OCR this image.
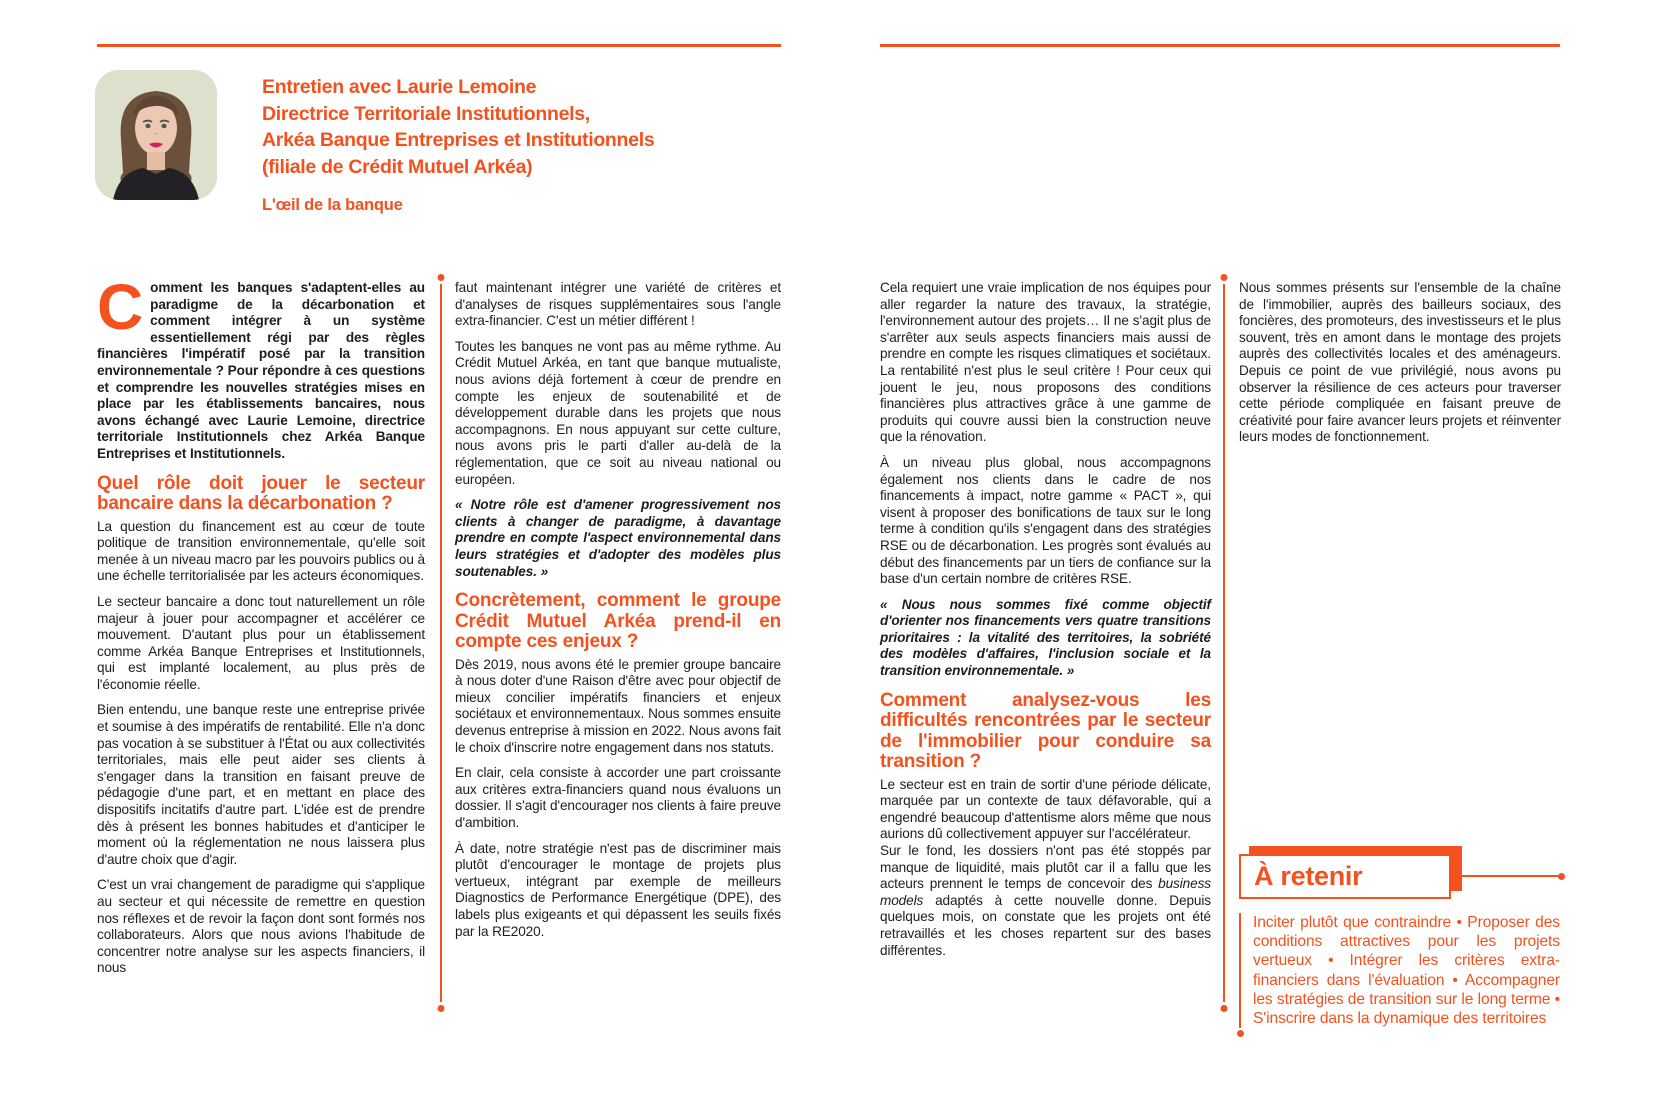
Entretien avec Laurie Lemoine
Directrice Territoriale Institutionnels,
Arkéa Banque Entreprises et Institutionnels
(filiale de Crédit Mutuel Arkéa)
L'œil de la banque

Comment les banques s'adaptent-elles au paradigme de la décarbonation et comment intégrer à un système essentiellement régi par des règles financières l'impératif posé par la transition environnementale ? Pour répondre à ces questions et comprendre les nouvelles stratégies mises en place par les établissements bancaires, nous avons échangé avec Laurie Lemoine, directrice territoriale Institutionnels chez Arkéa Banque Entreprises et Institutionnels.

Quel rôle doit jouer le secteur bancaire dans la décarbonation ?

La question du financement est au cœur de toute politique de transition environnementale, qu'elle soit menée à un niveau macro par les pouvoirs publics ou à une échelle territorialisée par les acteurs économiques.

Le secteur bancaire a donc tout naturellement un rôle majeur à jouer pour accompagner et accélérer ce mouvement. D'autant plus pour un établissement comme Arkéa Banque Entreprises et Institutionnels, qui est implanté localement, au plus près de l'économie réelle.

Bien entendu, une banque reste une entreprise privée et soumise à des impératifs de rentabilité. Elle n'a donc pas vocation à se substituer à l'État ou aux collectivités territoriales, mais elle peut aider ses clients à s'engager dans la transition en faisant preuve de pédagogie d'une part, et en mettant en place des dispositifs incitatifs d'autre part. L'idée est de prendre dès à présent les bonnes habitudes et d'anticiper le moment où la réglementation ne nous laissera plus d'autre choix que d'agir.

C'est un vrai changement de paradigme qui s'applique au secteur et qui nécessite de remettre en question nos réflexes et de revoir la façon dont sont formés nos collaborateurs. Alors que nous avions l'habitude de concentrer notre analyse sur les aspects financiers, il nous

faut maintenant intégrer une variété de critères et d'analyses de risques supplémentaires sous l'angle extra-financier. C'est un métier différent !

Toutes les banques ne vont pas au même rythme. Au Crédit Mutuel Arkéa, en tant que banque mutualiste, nous avions déjà fortement à cœur de prendre en compte les enjeux de soutenabilité et de développement durable dans les projets que nous accompagnons. En nous appuyant sur cette culture, nous avons pris le parti d'aller au-delà de la réglementation, que ce soit au niveau national ou européen.

« Notre rôle est d'amener progressivement nos clients à changer de paradigme, à davantage prendre en compte l'aspect environnemental dans leurs stratégies et d'adopter des modèles plus soutenables. »

Concrètement, comment le groupe Crédit Mutuel Arkéa prend-il en compte ces enjeux ?

Dès 2019, nous avons été le premier groupe bancaire à nous doter d'une Raison d'être avec pour objectif de mieux concilier impératifs financiers et enjeux sociétaux et environnementaux. Nous sommes ensuite devenus entreprise à mission en 2022. Nous avons fait le choix d'inscrire notre engagement dans nos statuts.

En clair, cela consiste à accorder une part croissante aux critères extra-financiers quand nous évaluons un dossier. Il s'agit d'encourager nos clients à faire preuve d'ambition.

À date, notre stratégie n'est pas de discriminer mais plutôt d'encourager le montage de projets plus vertueux, intégrant par exemple de meilleurs Diagnostics de Performance Energétique (DPE), des labels plus exigeants et qui dépassent les seuils fixés par la RE2020.

Cela requiert une vraie implication de nos équipes pour aller regarder la nature des travaux, la stratégie, l'environnement autour des projets… Il ne s'agit plus de s'arrêter aux seuls aspects financiers mais aussi de prendre en compte les risques climatiques et sociétaux. La rentabilité n'est plus le seul critère ! Pour ceux qui jouent le jeu, nous proposons des conditions financières plus attractives grâce à une gamme de produits qui couvre aussi bien la construction neuve que la rénovation.

À un niveau plus global, nous accompagnons également nos clients dans le cadre de nos financements à impact, notre gamme « PACT », qui visent à proposer des bonifications de taux sur le long terme à condition qu'ils s'engagent dans des stratégies RSE ou de décarbonation. Les progrès sont évalués au début des financements par un tiers de confiance sur la base d'un certain nombre de critères RSE.

« Nous nous sommes fixé comme objectif d'orienter nos financements vers quatre transitions prioritaires : la vitalité des territoires, la sobriété des modèles d'affaires, l'inclusion sociale et la transition environnementale. »

Comment analysez-vous les difficultés rencontrées par le secteur de l'immobilier pour conduire sa transition ?

Le secteur est en train de sortir d'une période délicate, marquée par un contexte de taux défavorable, qui a engendré beaucoup d'attentisme alors même que nous aurions dû collectivement appuyer sur l'accélérateur.

Sur le fond, les dossiers n'ont pas été stoppés par manque de liquidité, mais plutôt car il a fallu que les acteurs prennent le temps de concevoir des business models adaptés à cette nouvelle donne. Depuis quelques mois, on constate que les projets ont été retravaillés et les choses repartent sur des bases différentes.

Nous sommes présents sur l'ensemble de la chaîne de l'immobilier, auprès des bailleurs sociaux, des foncières, des promoteurs, des investisseurs et le plus souvent, très en amont dans le montage des projets auprès des collectivités locales et des aménageurs. Depuis ce point de vue privilégié, nous avons pu observer la résilience de ces acteurs pour traverser cette période compliquée en faisant preuve de créativité pour faire avancer leurs projets et réinventer leurs modes de fonctionnement.

À retenir
Inciter plutôt que contraindre • Proposer des conditions attractives pour les projets vertueux • Intégrer les critères extra-financiers dans l'évaluation • Accompagner les stratégies de transition sur le long terme • S'inscrire dans la dynamique des territoires
